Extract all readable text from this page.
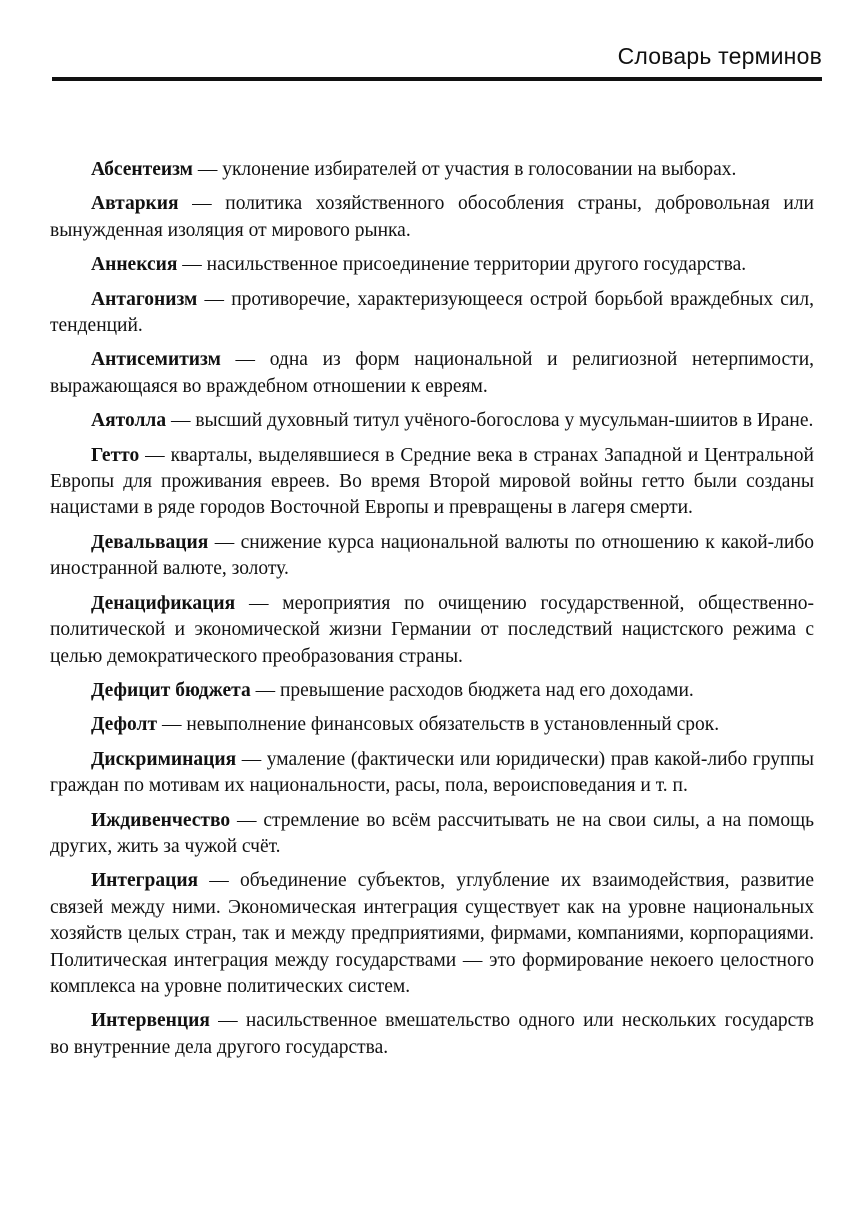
Словарь терминов

Абсентеизм — уклонение избирателей от участия в голосовании на выборах.

Автаркия — политика хозяйственного обособления страны, добровольная или вынужденная изоляция от мирового рынка.

Аннексия — насильственное присоединение территории другого государства.

Антагонизм — противоречие, характеризующееся острой борьбой враждебных сил, тенденций.

Антисемитизм — одна из форм национальной и религиозной нетерпимости, выражающаяся во враждебном отношении к евреям.

Аятолла — высший духовный титул учёного-богослова у мусульман-шиитов в Иране.

Гетто — кварталы, выделявшиеся в Средние века в странах Западной и Центральной Европы для проживания евреев. Во время Второй мировой войны гетто были созданы нацистами в ряде городов Восточной Европы и превращены в лагеря смерти.

Девальвация — снижение курса национальной валюты по отношению к какой-либо иностранной валюте, золоту.

Денацификация — мероприятия по очищению государственной, общественно-политической и экономической жизни Германии от последствий нацистского режима с целью демократического преобразования страны.

Дефицит бюджета — превышение расходов бюджета над его доходами.

Дефолт — невыполнение финансовых обязательств в установленный срок.

Дискриминация — умаление (фактически или юридически) прав какой-либо группы граждан по мотивам их национальности, расы, пола, вероисповедания и т. п.

Иждивенчество — стремление во всём рассчитывать не на свои силы, а на помощь других, жить за чужой счёт.

Интеграция — объединение субъектов, углубление их взаимодействия, развитие связей между ними. Экономическая интеграция существует как на уровне национальных хозяйств целых стран, так и между предприятиями, фирмами, компаниями, корпорациями. Политическая интеграция между государствами — это формирование некоего целостного комплекса на уровне политических систем.

Интервенция — насильственное вмешательство одного или нескольких государств во внутренние дела другого государства.
